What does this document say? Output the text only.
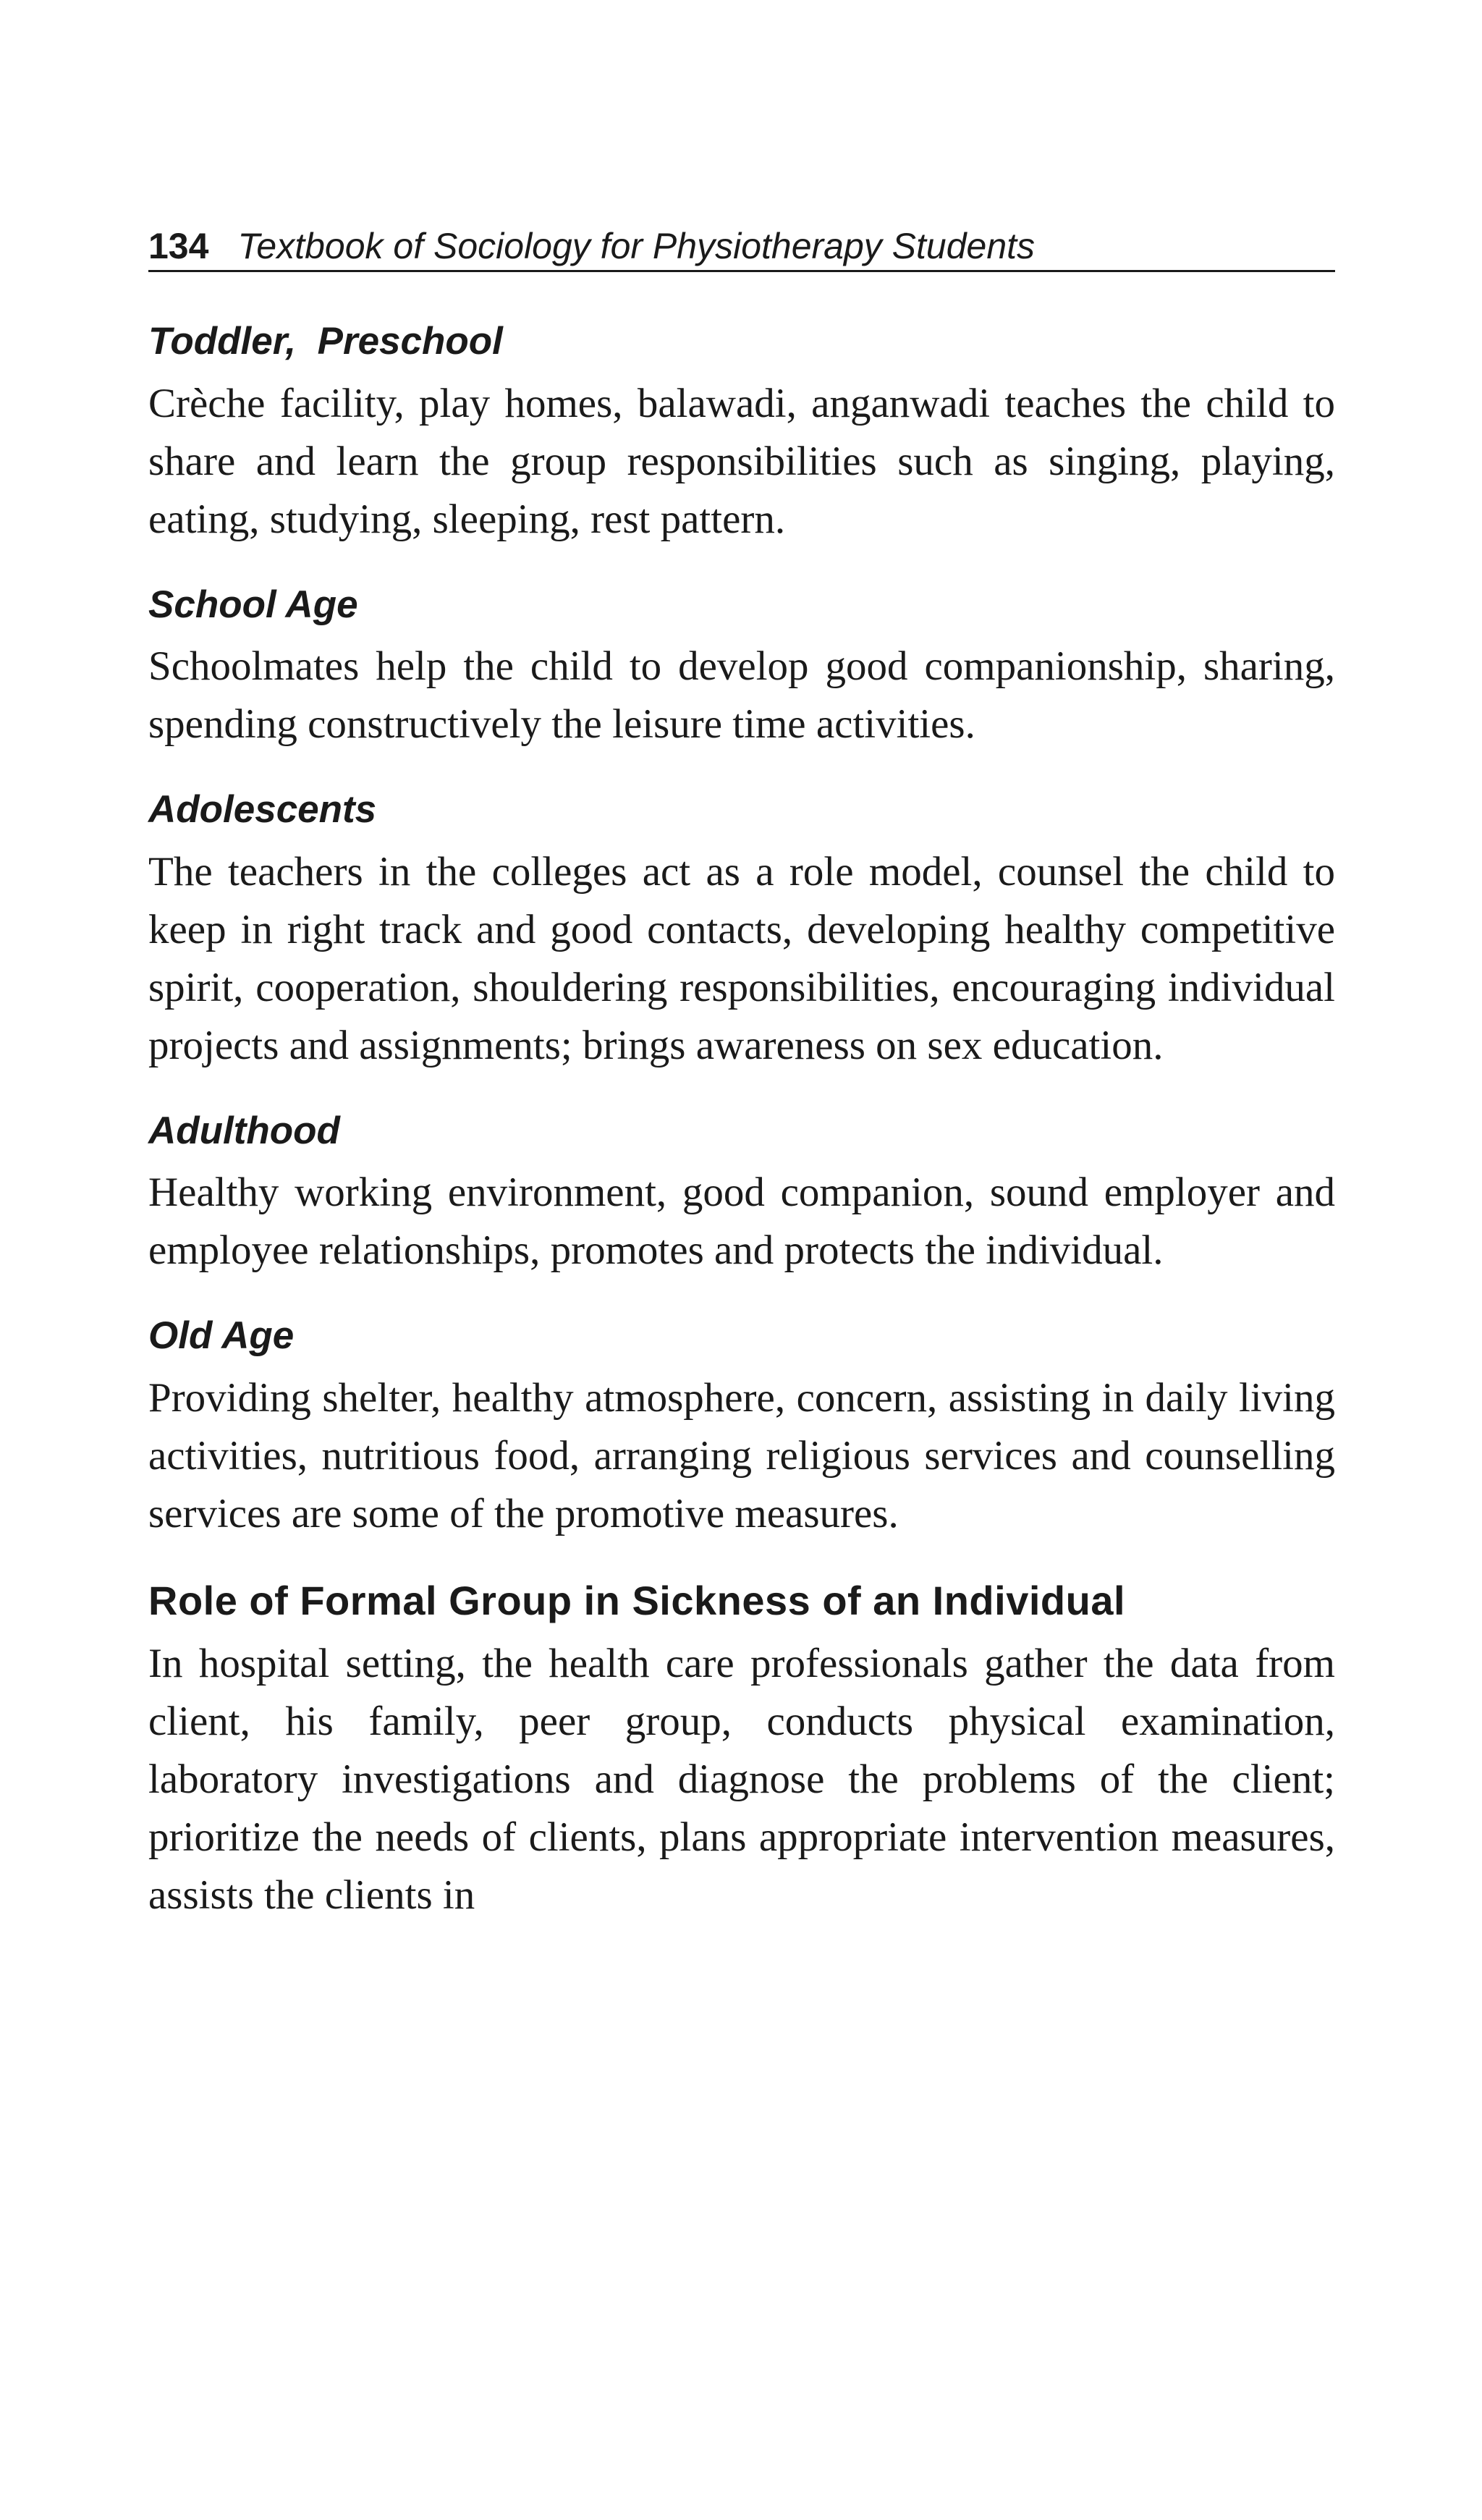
134 Textbook of Sociology for Physiotherapy Students
Toddler,  Preschool

Crèche facility, play homes, balawadi, anganwadi teaches the child to share and learn the group responsibilities such as singing, playing, eating, studying, sleeping, rest pattern.

School Age

Schoolmates help the child to develop good companionship, sharing, spending constructively the leisure time activities.

Adolescents

The teachers in the colleges act as a role model, counsel the child to keep in right track and good contacts, developing healthy competitive spirit, cooperation, shouldering responsibilities, encouraging individual projects and assignments; brings awareness on sex education.

Adulthood

Healthy working environment, good companion, sound employer and employee relationships, promotes and protects the individual.

Old Age

Providing shelter, healthy atmosphere, concern, assisting in daily living activities, nutritious food, arranging religious services and counselling services are some of the promotive measures.

Role of Formal Group in Sickness of an Individual

In hospital setting, the health care professionals gather the data from client, his family, peer group, conducts physical examination, laboratory investigations and diagnose the problems of the client; prioritize the needs of clients, plans appropriate intervention measures, assists the clients in
